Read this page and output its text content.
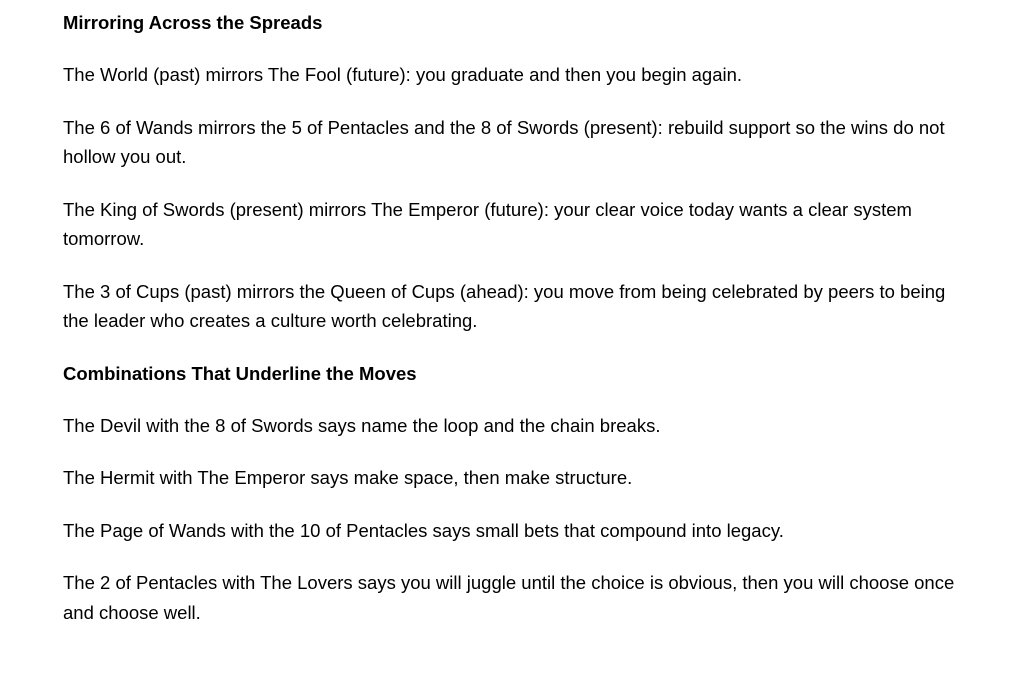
Mirroring Across the Spreads

The World (past) mirrors The Fool (future): you graduate and then you begin again.

The 6 of Wands mirrors the 5 of Pentacles and the 8 of Swords (present): rebuild support so the wins do not hollow you out.

The King of Swords (present) mirrors The Emperor (future): your clear voice today wants a clear system tomorrow.

The 3 of Cups (past) mirrors the Queen of Cups (ahead): you move from being celebrated by peers to being the leader who creates a culture worth celebrating.

Combinations That Underline the Moves

The Devil with the 8 of Swords says name the loop and the chain breaks.

The Hermit with The Emperor says make space, then make structure.

The Page of Wands with the 10 of Pentacles says small bets that compound into legacy.

The 2 of Pentacles with The Lovers says you will juggle until the choice is obvious, then you will choose once and choose well.
